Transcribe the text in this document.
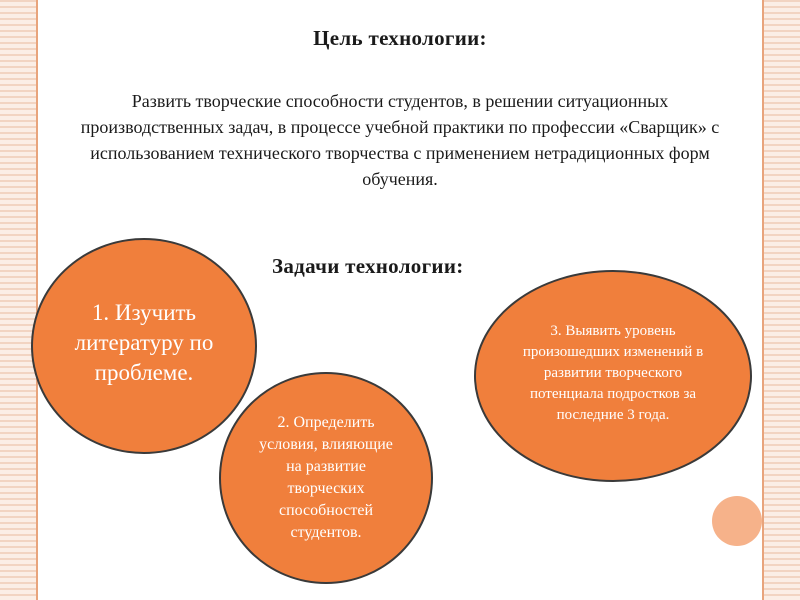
Цель технологии:
Развить творческие способности студентов, в решении ситуационных производственных задач, в процессе учебной практики по профессии «Сварщик» с использованием технического творчества с применением нетрадиционных форм обучения.
Задачи технологии:
1. Изучить литературу по проблеме.
3. Выявить уровень произошедших изменений в развитии творческого потенциала подростков за последние 3 года.
2. Определить условия, влияющие на развитие творческих способностей студентов.
